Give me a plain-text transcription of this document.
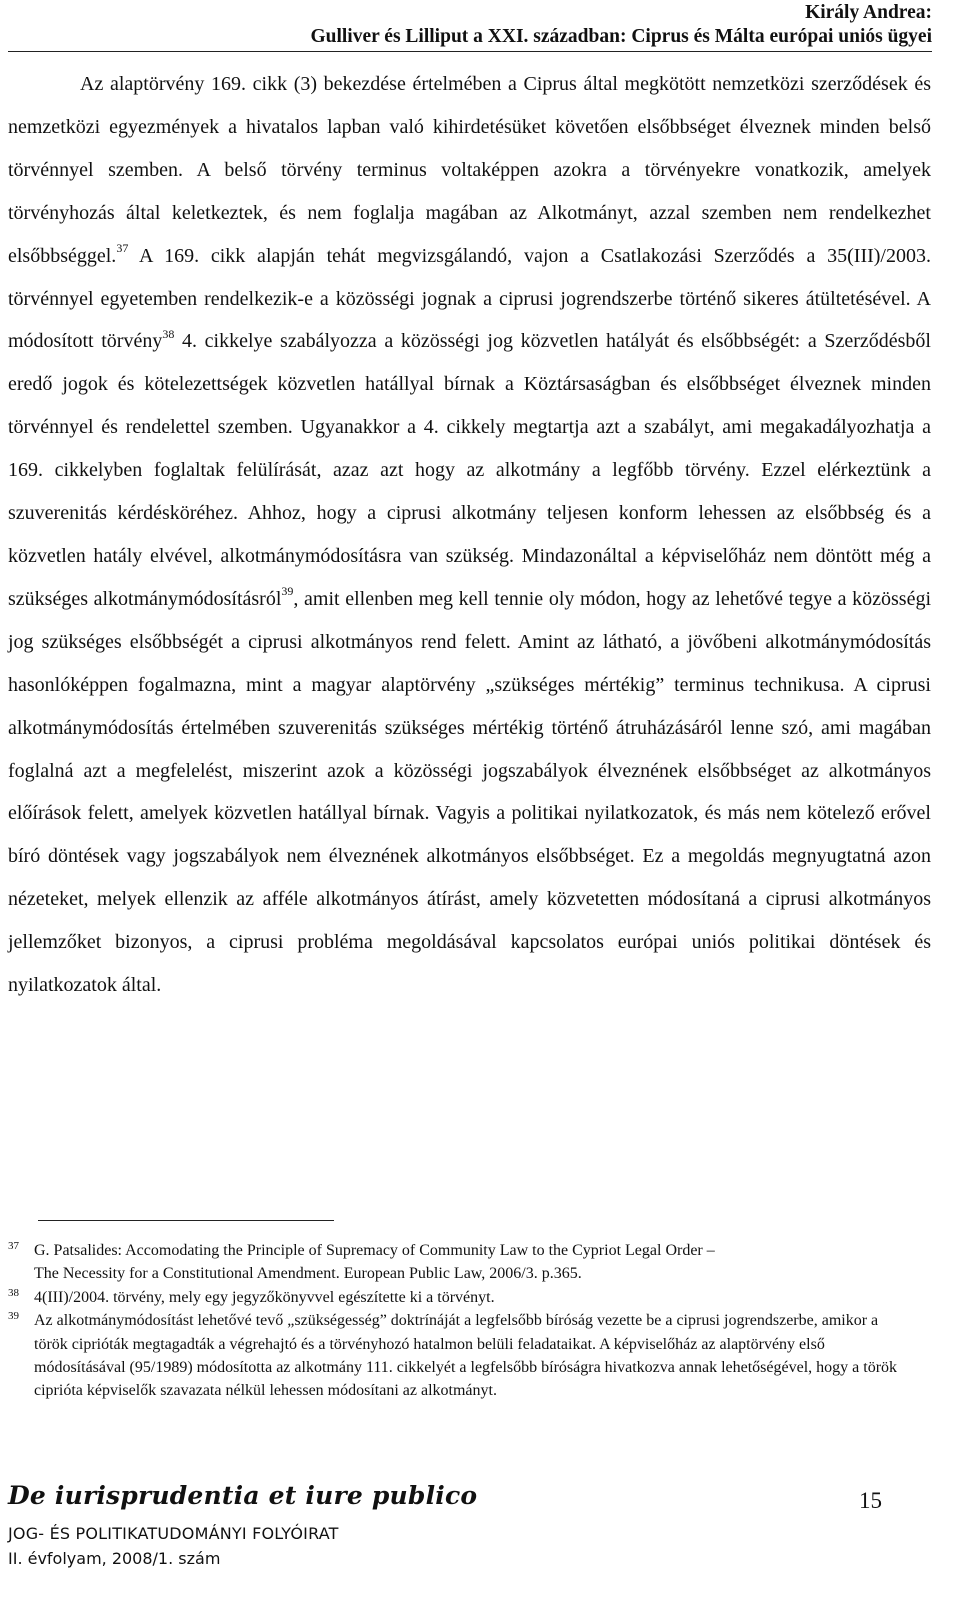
Király Andrea:
Gulliver és Lilliput a XXI. században: Ciprus és Málta európai uniós ügyei

Az alaptörvény 169. cikk (3) bekezdése értelmében a Ciprus által megkötött nemzetközi szerződések és nemzetközi egyezmények a hivatalos lapban való kihirdetésüket követően elsőbbséget élveznek minden belső törvénnyel szemben. A belső törvény terminus voltaképpen azokra a törvényekre vonatkozik, amelyek törvényhozás által keletkeztek, és nem foglalja magában az Alkotmányt, azzal szemben nem rendelkezhet elsőbbséggel.$^{37}$ A 169. cikk alapján tehát megvizsgálandó, vajon a Csatlakozási Szerződés a 35(III)/2003. törvénnyel egyetemben rendelkezik-e a közösségi jognak a ciprusi jogrendszerbe történő sikeres átültetésével. A módosított törvény$^{38}$ 4. cikkelye szabályozza a közösségi jog közvetlen hatályát és elsőbbségét: a Szerződésből eredő jogok és kötelezettségek közvetlen hatállyal bírnak a Köztársaságban és elsőbbséget élveznek minden törvénnyel és rendelettel szemben. Ugyanakkor a 4. cikkely megtartja azt a szabályt, ami megakadályozhatja a 169. cikkelyben foglaltak felülírását, azaz azt hogy az alkotmány a legfőbb törvény. Ezzel elérkeztünk a szuverenitás kérdésköréhez. Ahhoz, hogy a ciprusi alkotmány teljesen konform lehessen az elsőbbség és a közvetlen hatály elvével, alkotmánymódosításra van szükség. Mindazonáltal a képviselőház nem döntött még a szükséges alkotmánymódosításról$^{39}$, amit ellenben meg kell tennie oly módon, hogy az lehetővé tegye a közösségi jog szükséges elsőbbségét a ciprusi alkotmányos rend felett. Amint az látható, a jövőbeni alkotmánymódosítás hasonlóképpen fogalmazna, mint a magyar alaptörvény „szükséges mértékig” terminus technikusa. A ciprusi alkotmánymódosítás értelmében szuverenitás szükséges mértékig történő átruházásáról lenne szó, ami magában foglalná azt a megfelelést, miszerint azok a közösségi jogszabályok élveznének elsőbbséget az alkotmányos előírások felett, amelyek közvetlen hatállyal bírnak. Vagyis a politikai nyilatkozatok, és más nem kötelező erővel bíró döntések vagy jogszabályok nem élveznének alkotmányos elsőbbséget. Ez a megoldás megnyugtatná azon nézeteket, melyek ellenzik az afféle alkotmányos átírást, amely közvetetten módosítaná a ciprusi alkotmányos jellemzőket bizonyos, a ciprusi probléma megoldásával kapcsolatos európai uniós politikai döntések és nyilatkozatok által.

37 G. Patsalides: Accomodating the Principle of Supremacy of Community Law to the Cypriot Legal Order –

The Necessity for a Constitutional Amendment. European Public Law, 2006/3. p.365.
38 4(III)/2004. törvény, mely egy jegyzőkönyvvel egészítette ki a törvényt.
39 Az alkotmánymódosítást lehetővé tevő „szükségesség” doktrínáját a legfelsőbb bíróság vezette be a ciprusi jogrendszerbe, amikor a török ciprióták megtagadták a végrehajtó és a törvényhozó hatalmon belüli feladataikat. A képviselőház az alaptörvény első módosításával (95/1989) módosította az alkotmány 111. cikkelyét a legfelsőbb bíróságra hivatkozva annak lehetőségével, hogy a török cipriótа képviselők szavazata nélkül lehessen módosítani az alkotmányt.
De iurisprudentia et iure publico	15
JOG- ÉS POLITIKATUDOMÁNYI FOLYÓIRAT
II. évfolyam, 2008/1. szám
